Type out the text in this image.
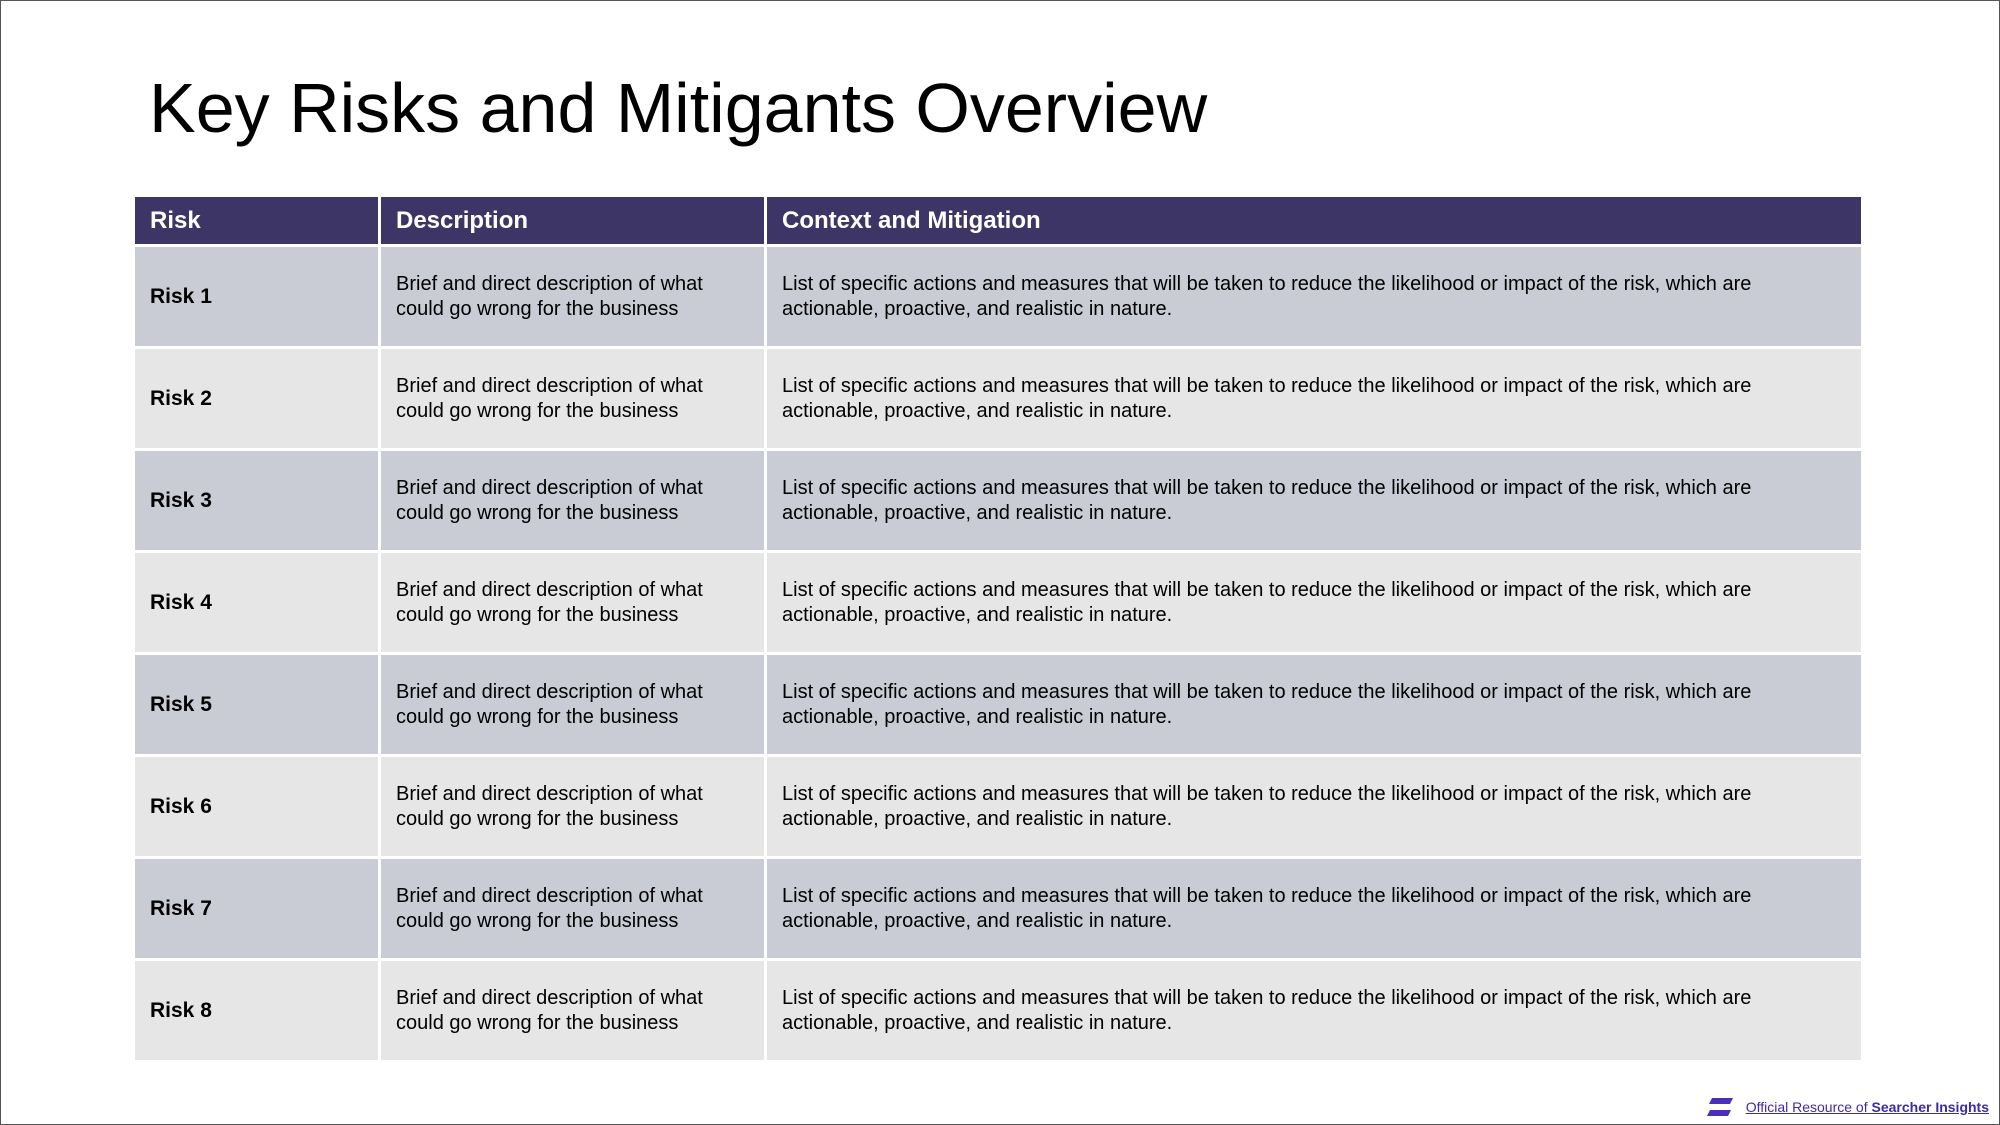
Key Risks and Mitigants Overview
Risk	Description	Context and Mitigation
Risk 1	Brief and direct description of what could go wrong for the business	List of specific actions and measures that will be taken to reduce the likelihood or impact of the risk, which are actionable, proactive, and realistic in nature.
Risk 2	Brief and direct description of what could go wrong for the business	List of specific actions and measures that will be taken to reduce the likelihood or impact of the risk, which are actionable, proactive, and realistic in nature.
Risk 3	Brief and direct description of what could go wrong for the business	List of specific actions and measures that will be taken to reduce the likelihood or impact of the risk, which are actionable, proactive, and realistic in nature.
Risk 4	Brief and direct description of what could go wrong for the business	List of specific actions and measures that will be taken to reduce the likelihood or impact of the risk, which are actionable, proactive, and realistic in nature.
Risk 5	Brief and direct description of what could go wrong for the business	List of specific actions and measures that will be taken to reduce the likelihood or impact of the risk, which are actionable, proactive, and realistic in nature.
Risk 6	Brief and direct description of what could go wrong for the business	List of specific actions and measures that will be taken to reduce the likelihood or impact of the risk, which are actionable, proactive, and realistic in nature.
Risk 7	Brief and direct description of what could go wrong for the business	List of specific actions and measures that will be taken to reduce the likelihood or impact of the risk, which are actionable, proactive, and realistic in nature.
Risk 8	Brief and direct description of what could go wrong for the business	List of specific actions and measures that will be taken to reduce the likelihood or impact of the risk, which are actionable, proactive, and realistic in nature.
Official Resource of Searcher Insights
